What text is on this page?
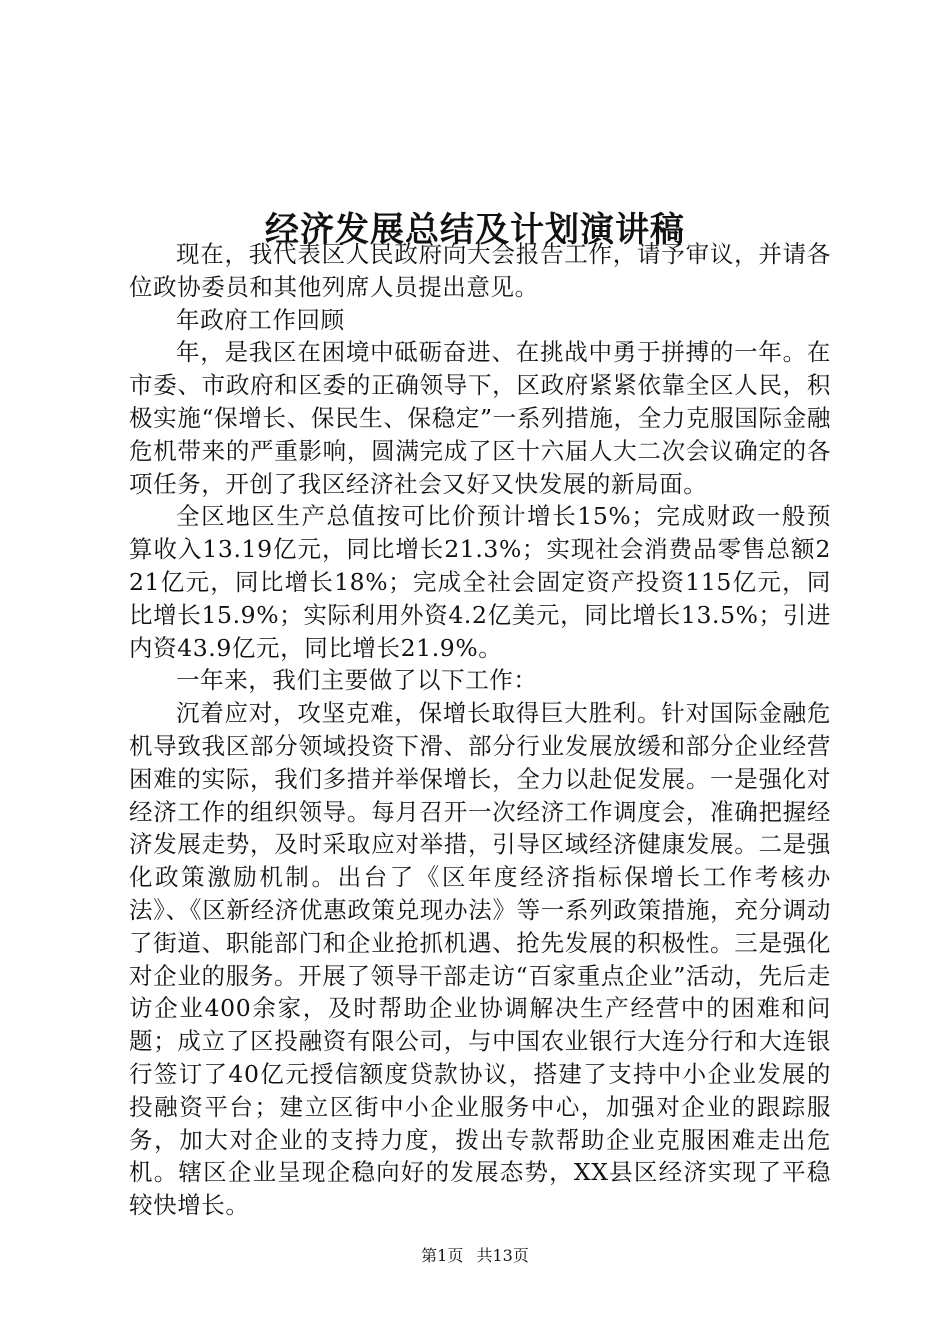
经济发展总结及计划演讲稿

现在，我代表区人民政府向大会报告工作，请予审议，并请各位政协委员和其他列席人员提出意见。

年政府工作回顾

年，是我区在困境中砥砺奋进、在挑战中勇于拼搏的一年。在市委、市政府和区委的正确领导下，区政府紧紧依靠全区人民，积极实施“保增长、保民生、保稳定”一系列措施，全力克服国际金融危机带来的严重影响，圆满完成了区十六届人大二次会议确定的各项任务，开创了我区经济社会又好又快发展的新局面。

全区地区生产总值按可比价预计增长15%；完成财政一般预算收入13.19亿元，同比增长21.3%；实现社会消费品零售总额221亿元，同比增长18%；完成全社会固定资产投资115亿元，同比增长15.9%；实际利用外资4.2亿美元，同比增长13.5%；引进内资43.9亿元，同比增长21.9%。

一年来，我们主要做了以下工作：

沉着应对，攻坚克难，保增长取得巨大胜利。针对国际金融危机导致我区部分领域投资下滑、部分行业发展放缓和部分企业经营困难的实际，我们多措并举保增长，全力以赴促发展。一是强化对经济工作的组织领导。每月召开一次经济工作调度会，准确把握经济发展走势，及时采取应对举措，引导区域经济健康发展。二是强化政策激励机制。出台了《区年度经济指标保增长工作考核办法》、《区新经济优惠政策兑现办法》等一系列政策措施，充分调动了街道、职能部门和企业抢抓机遇、抢先发展的积极性。三是强化对企业的服务。开展了领导干部走访“百家重点企业”活动，先后走访企业400余家，及时帮助企业协调解决生产经营中的困难和问题；成立了区投融资有限公司，与中国农业银行大连分行和大连银行签订了40亿元授信额度贷款协议，搭建了支持中小企业发展的投融资平台；建立区街中小企业服务中心，加强对企业的跟踪服务，加大对企业的支持力度，拨出专款帮助企业克服困难走出危机。辖区企业呈现企稳向好的发展态势，XX县区经济实现了平稳较快增长。

第1页 共13页
